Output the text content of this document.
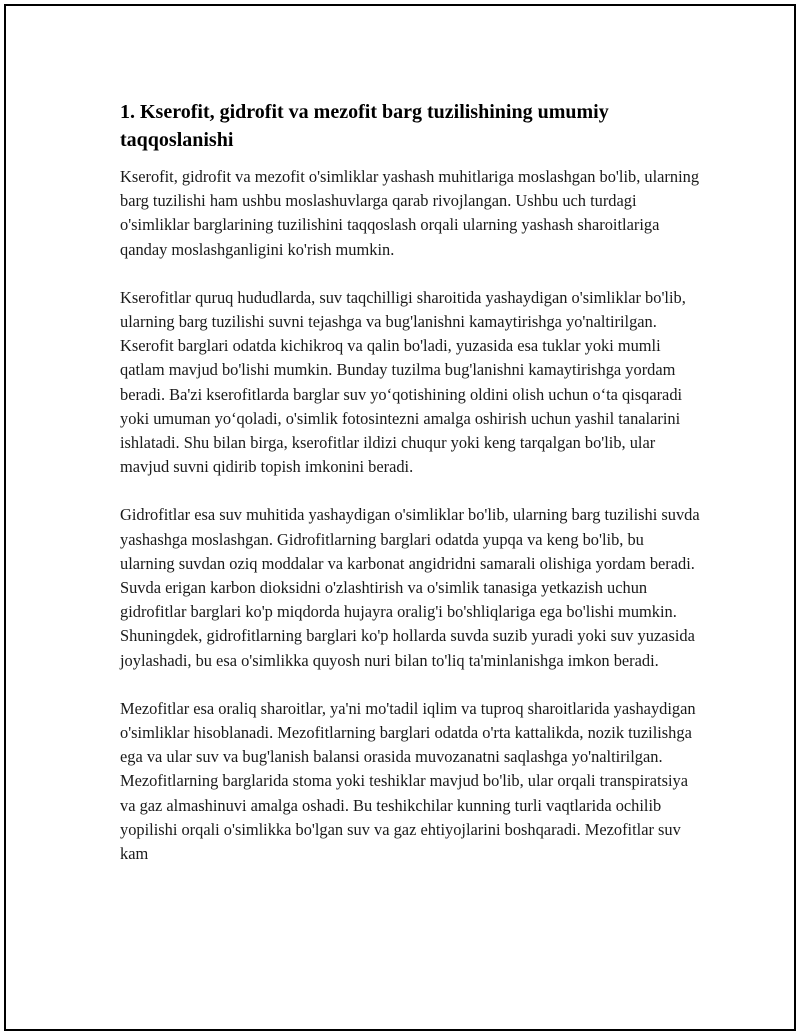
1. Kserofit, gidrofit va mezofit barg tuzilishining umumiy taqqoslanishi

Kserofit, gidrofit va mezofit o'simliklar yashash muhitlariga moslashgan bo'lib, ularning barg tuzilishi ham ushbu moslashuvlarga qarab rivojlangan. Ushbu uch turdagi o'simliklar barglarining tuzilishini taqqoslash orqali ularning yashash sharoitlariga qanday moslashganligini ko'rish mumkin.

Kserofitlar quruq hududlarda, suv taqchilligi sharoitida yashaydigan o'simliklar bo'lib, ularning barg tuzilishi suvni tejashga va bug'lanishni kamaytirishga yo'naltirilgan. Kserofit barglari odatda kichikroq va qalin bo'ladi, yuzasida esa tuklar yoki mumli qatlam mavjud bo'lishi mumkin. Bunday tuzilma bug'lanishni kamaytirishga yordam beradi. Ba'zi kserofitlarda barglar suv yo‘qotishining oldini olish uchun o‘ta qisqaradi yoki umuman yo‘qoladi, o'simlik fotosintezni amalga oshirish uchun yashil tanalarini ishlatadi. Shu bilan birga, kserofitlar ildizi chuqur yoki keng tarqalgan bo'lib, ular mavjud suvni qidirib topish imkonini beradi.

Gidrofitlar esa suv muhitida yashaydigan o'simliklar bo'lib, ularning barg tuzilishi suvda yashashga moslashgan. Gidrofitlarning barglari odatda yupqa va keng bo'lib, bu ularning suvdan oziq moddalar va karbonat angidridni samarali olishiga yordam beradi. Suvda erigan karbon dioksidni o'zlashtirish va o'simlik tanasiga yetkazish uchun gidrofitlar barglari ko'p miqdorda hujayra oralig'i bo'shliqlariga ega bo'lishi mumkin. Shuningdek, gidrofitlarning barglari ko'p hollarda suvda suzib yuradi yoki suv yuzasida joylashadi, bu esa o'simlikka quyosh nuri bilan to'liq ta'minlanishga imkon beradi.

Mezofitlar esa oraliq sharoitlar, ya'ni mo'tadil iqlim va tuproq sharoitlarida yashaydigan o'simliklar hisoblanadi. Mezofitlarning barglari odatda o'rta kattalikda, nozik tuzilishga ega va ular suv va bug'lanish balansi orasida muvozanatni saqlashga yo'naltirilgan. Mezofitlarning barglarida stoma yoki teshiklar mavjud bo'lib, ular orqali transpiratsiya va gaz almashinuvi amalga oshadi. Bu teshikchilar kunning turli vaqtlarida ochilib yopilishi orqali o'simlikka bo'lgan suv va gaz ehtiyojlarini boshqaradi. Mezofitlar suv kam
